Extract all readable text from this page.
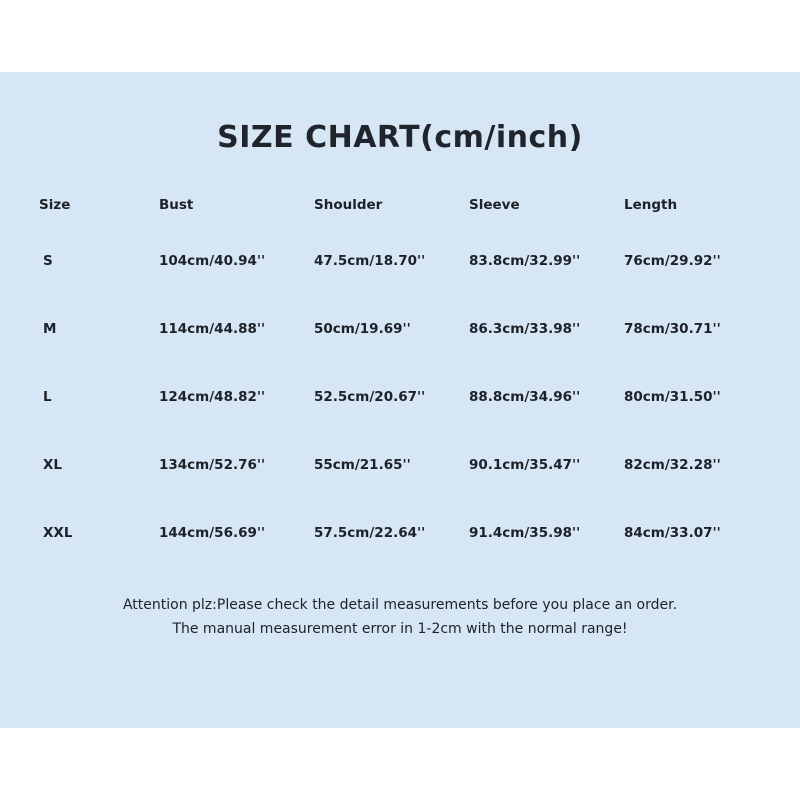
SIZE CHART(cm/inch)
Size	Bust	Shoulder	Sleeve	Length
S	104cm/40.94''	47.5cm/18.70''	83.8cm/32.99''	76cm/29.92''
M	114cm/44.88''	50cm/19.69''	86.3cm/33.98''	78cm/30.71''
L	124cm/48.82''	52.5cm/20.67''	88.8cm/34.96''	80cm/31.50''
XL	134cm/52.76''	55cm/21.65''	90.1cm/35.47''	82cm/32.28''
XXL	144cm/56.69''	57.5cm/22.64''	91.4cm/35.98''	84cm/33.07''
Attention plz:Please check the detail measurements before you place an order.
The manual measurement error in 1-2cm with the normal range!
